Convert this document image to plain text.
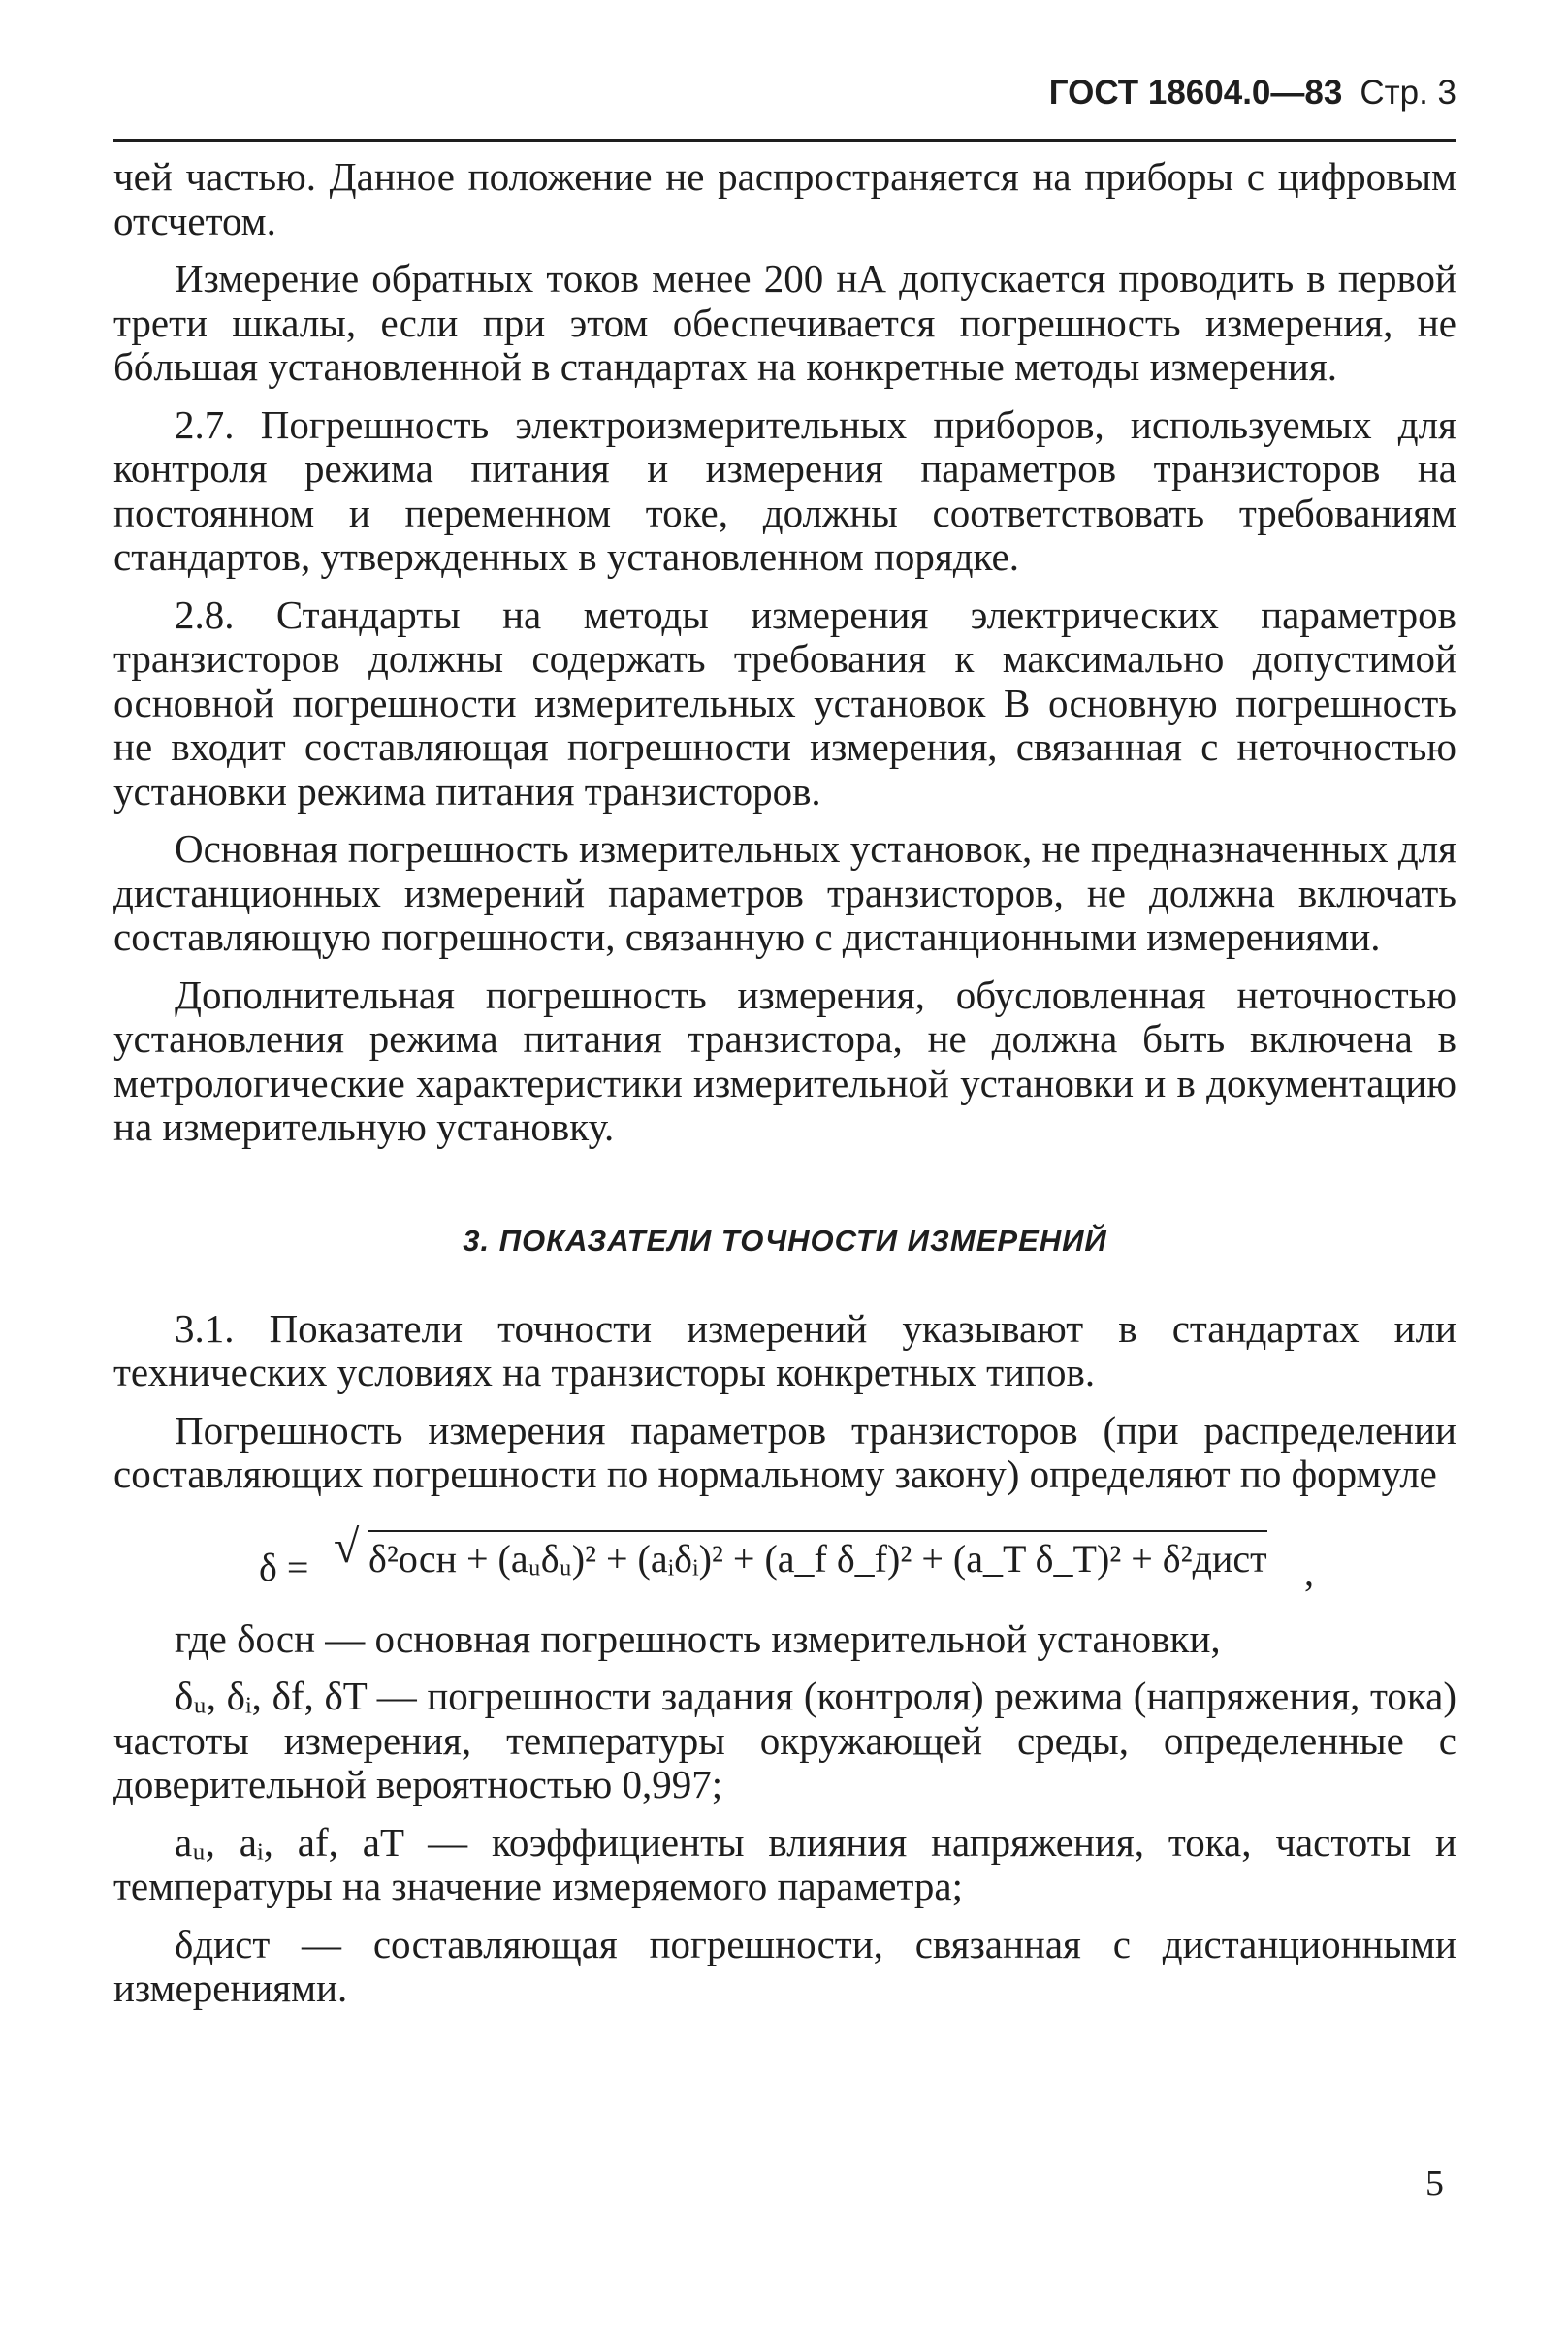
ГОСТ 18604.0—83 Стр. 3

чей частью. Данное положение не распространяется на приборы с цифровым отсчетом.

Измерение обратных токов менее 200 нА допускается проводить в первой трети шкалы, если при этом обеспечивается погрешность измерения, не бóльшая установленной в стандартах на конкретные методы измерения.

2.7. Погрешность электроизмерительных приборов, используемых для контроля режима питания и измерения параметров транзисторов на постоянном и переменном токе, должны соответствовать требованиям стандартов, утвержденных в установленном порядке.

2.8. Стандарты на методы измерения электрических параметров транзисторов должны содержать требования к максимально допустимой основной погрешности измерительных установок В основную погрешность не входит составляющая погрешности измерения, связанная с неточностью установки режима питания транзисторов.

Основная погрешность измерительных установок, не предназначенных для дистанционных измерений параметров транзисторов, не должна включать составляющую погрешности, связанную с дистанционными измерениями.

Дополнительная погрешность измерения, обусловленная неточностью установления режима питания транзистора, не должна быть включена в метрологические характеристики измерительной установки и в документацию на измерительную установку.

3. ПОКАЗАТЕЛИ ТОЧНОСТИ ИЗМЕРЕНИЙ

3.1. Показатели точности измерений указывают в стандартах или технических условиях на транзисторы конкретных типов.

Погрешность измерения параметров транзисторов (при распределении составляющих погрешности по нормальному закону) определяют по формуле

δ = √ δ²осн + (aᵤδᵤ)² + (aᵢδᵢ)² + (a_f δ_f)² + (a_T δ_T)² + δ²дист ,

где δосн — основная погрешность измерительной установки,

δᵤ, δᵢ, δf, δT — погрешности задания (контроля) режима (напряжения, тока) частоты измерения, температуры окружающей среды, определенные с доверительной вероятностью 0,997;

aᵤ, aᵢ, af, aT — коэффициенты влияния напряжения, тока, частоты и температуры на значение измеряемого параметра;

δдист — составляющая погрешности, связанная с дистанционными измерениями.

5
